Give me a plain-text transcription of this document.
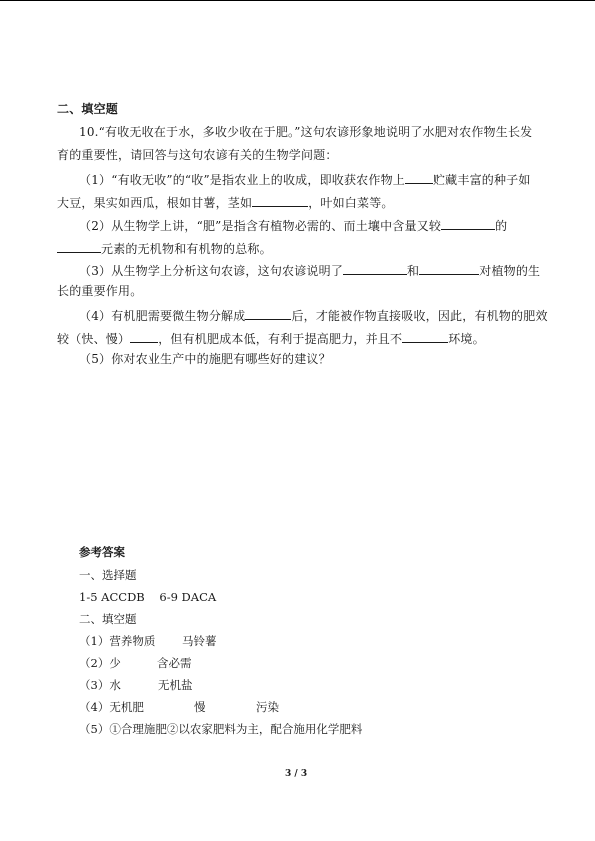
二、填空题
10.“有收无收在于水，多收少收在于肥。”这句农谚形象地说明了水肥对农作物生长发
育的重要性，请回答与这句农谚有关的生物学问题：
（1）“有收无收”的“收”是指农业上的收成，即收获农作物上 贮藏丰富的种子如
大豆，果实如西瓜，根如甘薯，茎如	，叶如白菜等。
（2）从生物学上讲，“肥”是指含有植物必需的、而土壤中含量又较	的
元素的无机物和有机物的总称。
（3）从生物学上分析这句农谚，这句农谚说明了	和	对植物的生
长的重要作用。
（4）有机肥需要微生物分解成	后，才能被作物直接吸收，因此，有机物的肥效
较（快、慢） ，但有机肥成本低，有利于提高肥力，并且不	环境。
（5）你对农业生产中的施肥有哪些好的建议？
参考答案
一、选择题
1-5 ACCDB    6-9 DACA
二、填空题
（1）营养物质 马铃薯
（2）少	含必需
（3）水	无机盐
（4）无机肥	慢	污染
（5）①合理施肥②以农家肥料为主，配合施用化学肥料
3 / 3
